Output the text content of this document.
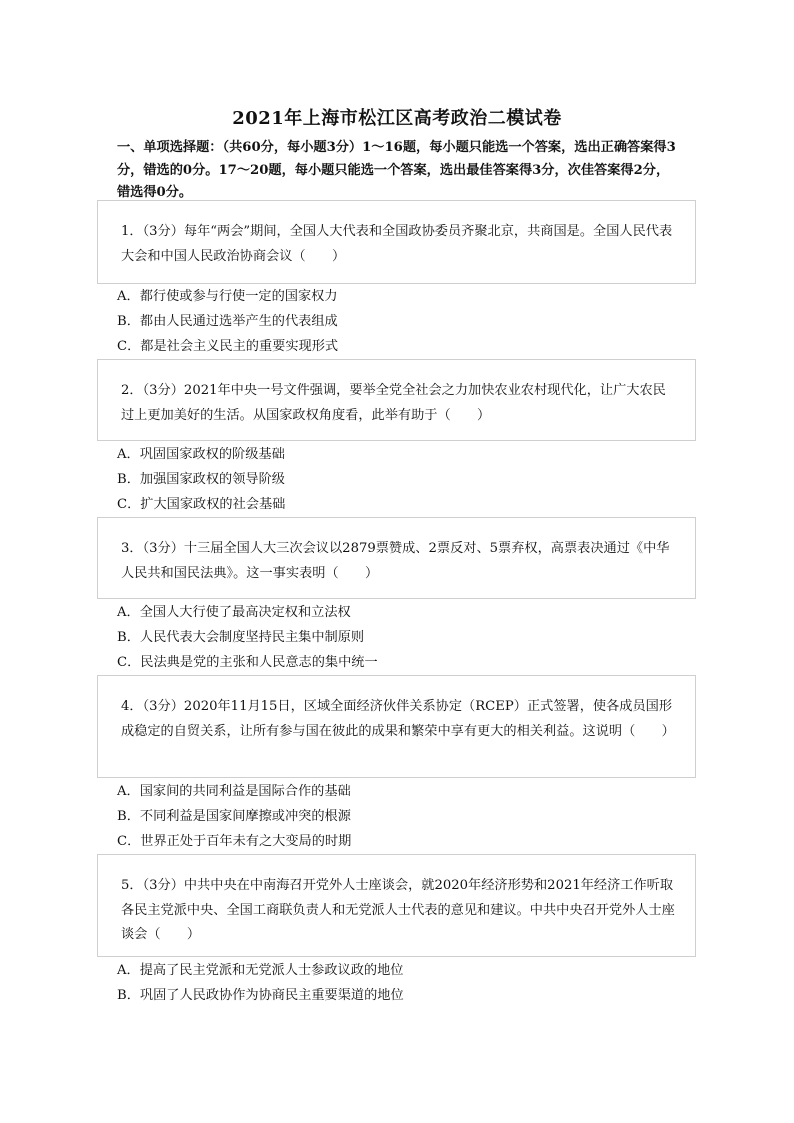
2021年上海市松江区高考政治二模试卷
一、单项选择题：（共60分，每小题3分）1～16题，每小题只能选一个答案，选出正确答案得3分，错选的0分。17～20题，每小题只能选一个答案，选出最佳答案得3分，次佳答案得2分，错选得0分。
1．（3分）每年“两会”期间，全国人大代表和全国政协委员齐聚北京，共商国是。全国人民代表大会和中国人民政治协商会议（　　）
A．都行使或参与行使一定的国家权力
B．都由人民通过选举产生的代表组成
C．都是社会主义民主的重要实现形式
2．（3分）2021年中央一号文件强调，要举全党全社会之力加快农业农村现代化，让广大农民过上更加美好的生活。从国家政权角度看，此举有助于（　　）
A．巩固国家政权的阶级基础
B．加强国家政权的领导阶级
C．扩大国家政权的社会基础
3．（3分）十三届全国人大三次会议以2879票赞成、2票反对、5票弃权，高票表决通过《中华人民共和国民法典》。这一事实表明（　　）
A．全国人大行使了最高决定权和立法权
B．人民代表大会制度坚持民主集中制原则
C．民法典是党的主张和人民意志的集中统一
4．（3分）2020年11月15日，区域全面经济伙伴关系协定（RCEP）正式签署，使各成员国形成稳定的自贸关系，让所有参与国在彼此的成果和繁荣中享有更大的相关利益。这说明（　　）
A．国家间的共同利益是国际合作的基础
B．不同利益是国家间摩擦或冲突的根源
C．世界正处于百年未有之大变局的时期
5．（3分）中共中央在中南海召开党外人士座谈会，就2020年经济形势和2021年经济工作听取各民主党派中央、全国工商联负责人和无党派人士代表的意见和建议。中共中央召开党外人士座谈会（　　）
A．提高了民主党派和无党派人士参政议政的地位
B．巩固了人民政协作为协商民主重要渠道的地位
